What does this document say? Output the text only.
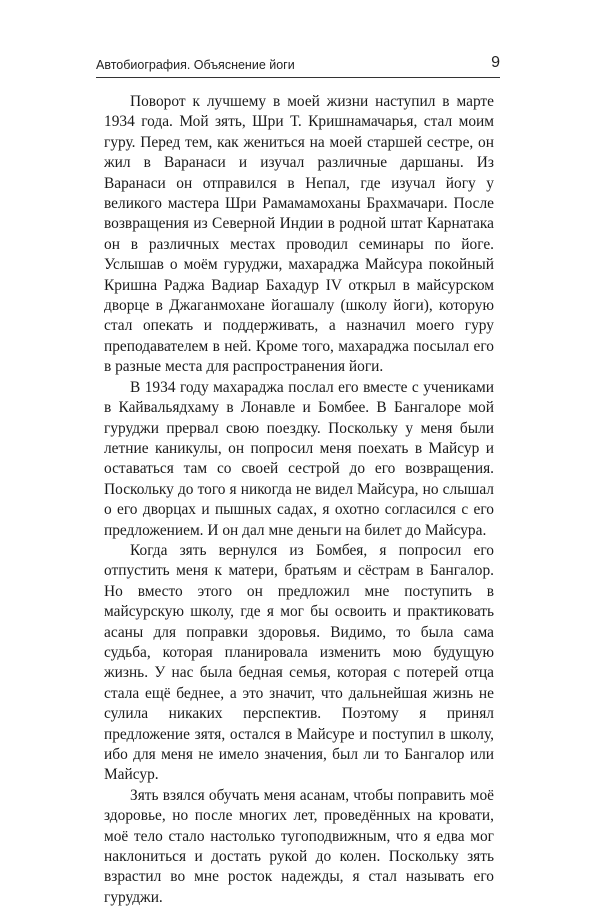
Автобиография. Объяснение йоги	9

Поворот к лучшему в моей жизни наступил в марте 1934 года. Мой зять, Шри Т. Кришнамачарья, стал моим гуру. Перед тем, как жениться на моей старшей сестре, он жил в Варанаси и изучал различные даршаны. Из Варанаси он отправился в Непал, где изучал йогу у великого мастера Шри Рамамамоханы Брахмачари. После возвращения из Северной Индии в родной штат Карнатака он в различных местах проводил семинары по йоге. Услышав о моём гуруджи, махараджа Майсура покойный Кришна Раджа Вадиар Бахадур IV открыл в майсурском дворце в Джаганмохане йогашалу (школу йоги), которую стал опекать и поддерживать, а назначил моего гуру преподавателем в ней. Кроме того, махараджа посылал его в разные места для распространения йоги.

В 1934 году махараджа послал его вместе с учениками в Кайвальядхаму в Лонавле и Бомбее. В Бангалоре мой гуруджи прервал свою поездку. Поскольку у меня были летние каникулы, он попросил меня поехать в Майсур и оставаться там со своей сестрой до его возвращения. Поскольку до того я никогда не видел Майсура, но слышал о его дворцах и пышных садах, я охотно согласился с его предложением. И он дал мне деньги на билет до Майсура.

Когда зять вернулся из Бомбея, я попросил его отпустить меня к матери, братьям и сёстрам в Бангалор. Но вместо этого он предложил мне поступить в майсурскую школу, где я мог бы освоить и практиковать асаны для поправки здоровья. Видимо, то была сама судьба, которая планировала изменить мою будущую жизнь. У нас была бедная семья, которая с потерей отца стала ещё беднее, а это значит, что дальнейшая жизнь не сулила никаких перспектив. Поэтому я принял предложение зятя, остался в Майсуре и поступил в школу, ибо для меня не имело значения, был ли то Бангалор или Майсур.

Зять взялся обучать меня асанам, чтобы поправить моё здоровье, но после многих лет, проведённых на кровати, моё тело стало настолько тугоподвижным, что я едва мог наклониться и достать рукой до колен. Поскольку зять взрастил во мне росток надежды, я стал называть его гуруджи.
